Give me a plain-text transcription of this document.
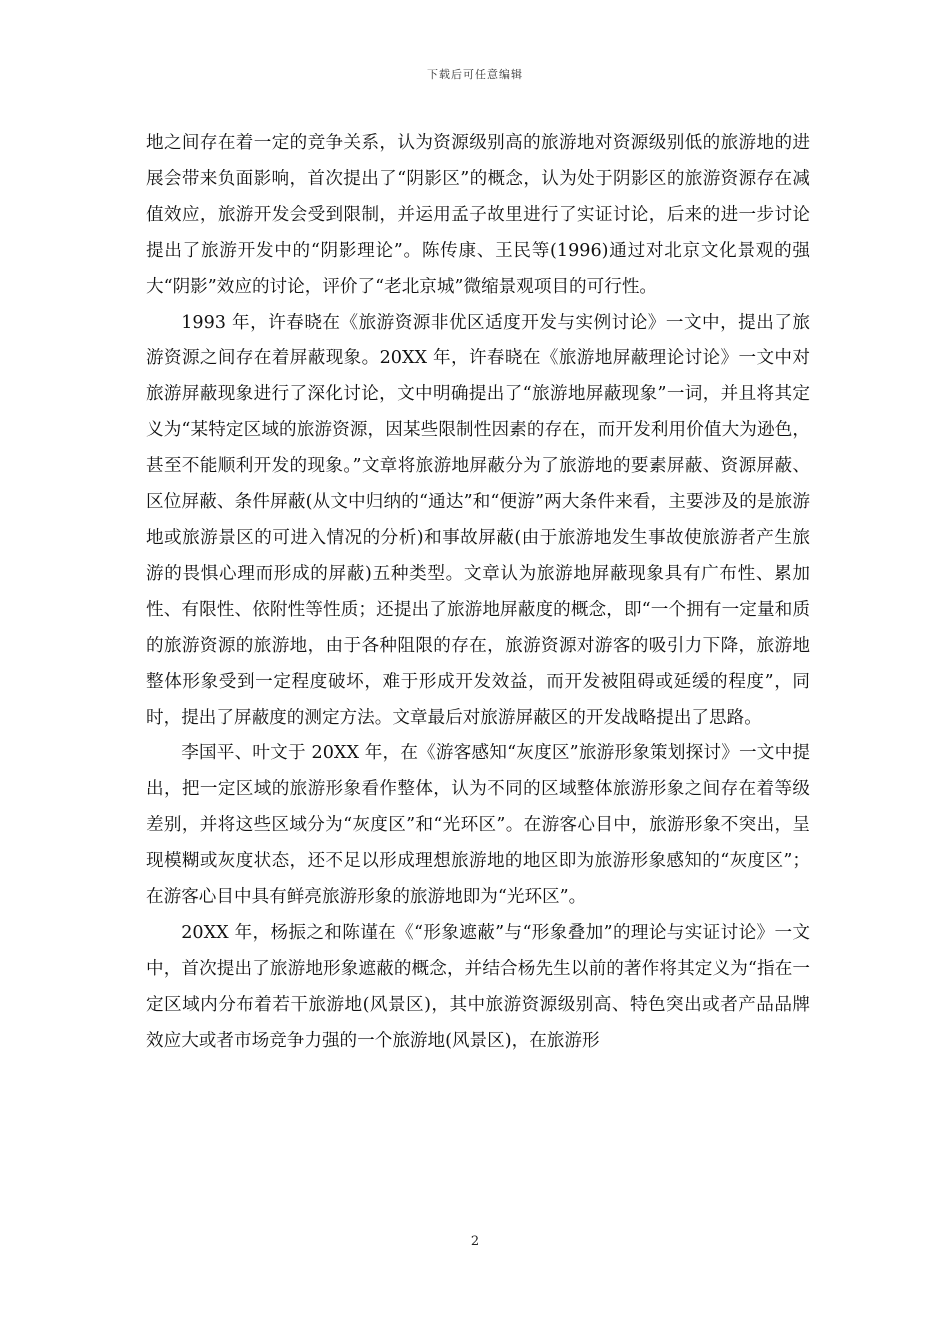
下载后可任意编辑

地之间存在着一定的竞争关系，认为资源级别高的旅游地对资源级别低的旅游地的进展会带来负面影响，首次提出了“阴影区”的概念，认为处于阴影区的旅游资源存在减值效应，旅游开发会受到限制，并运用孟子故里进行了实证讨论，后来的进一步讨论提出了旅游开发中的“阴影理论”。陈传康、王民等(1996)通过对北京文化景观的强大“阴影”效应的讨论，评价了“老北京城”微缩景观项目的可行性。

1993 年，许春晓在《旅游资源非优区适度开发与实例讨论》一文中，提出了旅游资源之间存在着屏蔽现象。20XX 年，许春晓在《旅游地屏蔽理论讨论》一文中对旅游屏蔽现象进行了深化讨论，文中明确提出了“旅游地屏蔽现象”一词，并且将其定义为“某特定区域的旅游资源，因某些限制性因素的存在，而开发利用价值大为逊色，甚至不能顺利开发的现象。”文章将旅游地屏蔽分为了旅游地的要素屏蔽、资源屏蔽、区位屏蔽、条件屏蔽(从文中归纳的“通达”和“便游”两大条件来看，主要涉及的是旅游地或旅游景区的可进入情况的分析)和事故屏蔽(由于旅游地发生事故使旅游者产生旅游的畏惧心理而形成的屏蔽)五种类型。文章认为旅游地屏蔽现象具有广布性、累加性、有限性、依附性等性质；还提出了旅游地屏蔽度的概念，即“一个拥有一定量和质的旅游资源的旅游地，由于各种阻限的存在，旅游资源对游客的吸引力下降，旅游地整体形象受到一定程度破坏，难于形成开发效益，而开发被阻碍或延缓的程度”，同时，提出了屏蔽度的测定方法。文章最后对旅游屏蔽区的开发战略提出了思路。

李国平、叶文于 20XX 年，在《游客感知“灰度区”旅游形象策划探讨》一文中提出，把一定区域的旅游形象看作整体，认为不同的区域整体旅游形象之间存在着等级差别，并将这些区域分为“灰度区”和“光环区”。在游客心目中，旅游形象不突出，呈现模糊或灰度状态，还不足以形成理想旅游地的地区即为旅游形象感知的“灰度区”；在游客心目中具有鲜亮旅游形象的旅游地即为“光环区”。

20XX 年，杨振之和陈谨在《“形象遮蔽”与“形象叠加”的理论与实证讨论》一文中，首次提出了旅游地形象遮蔽的概念，并结合杨先生以前的著作将其定义为“指在一定区域内分布着若干旅游地(风景区)，其中旅游资源级别高、特色突出或者产品品牌效应大或者市场竞争力强的一个旅游地(风景区)，在旅游形

2
